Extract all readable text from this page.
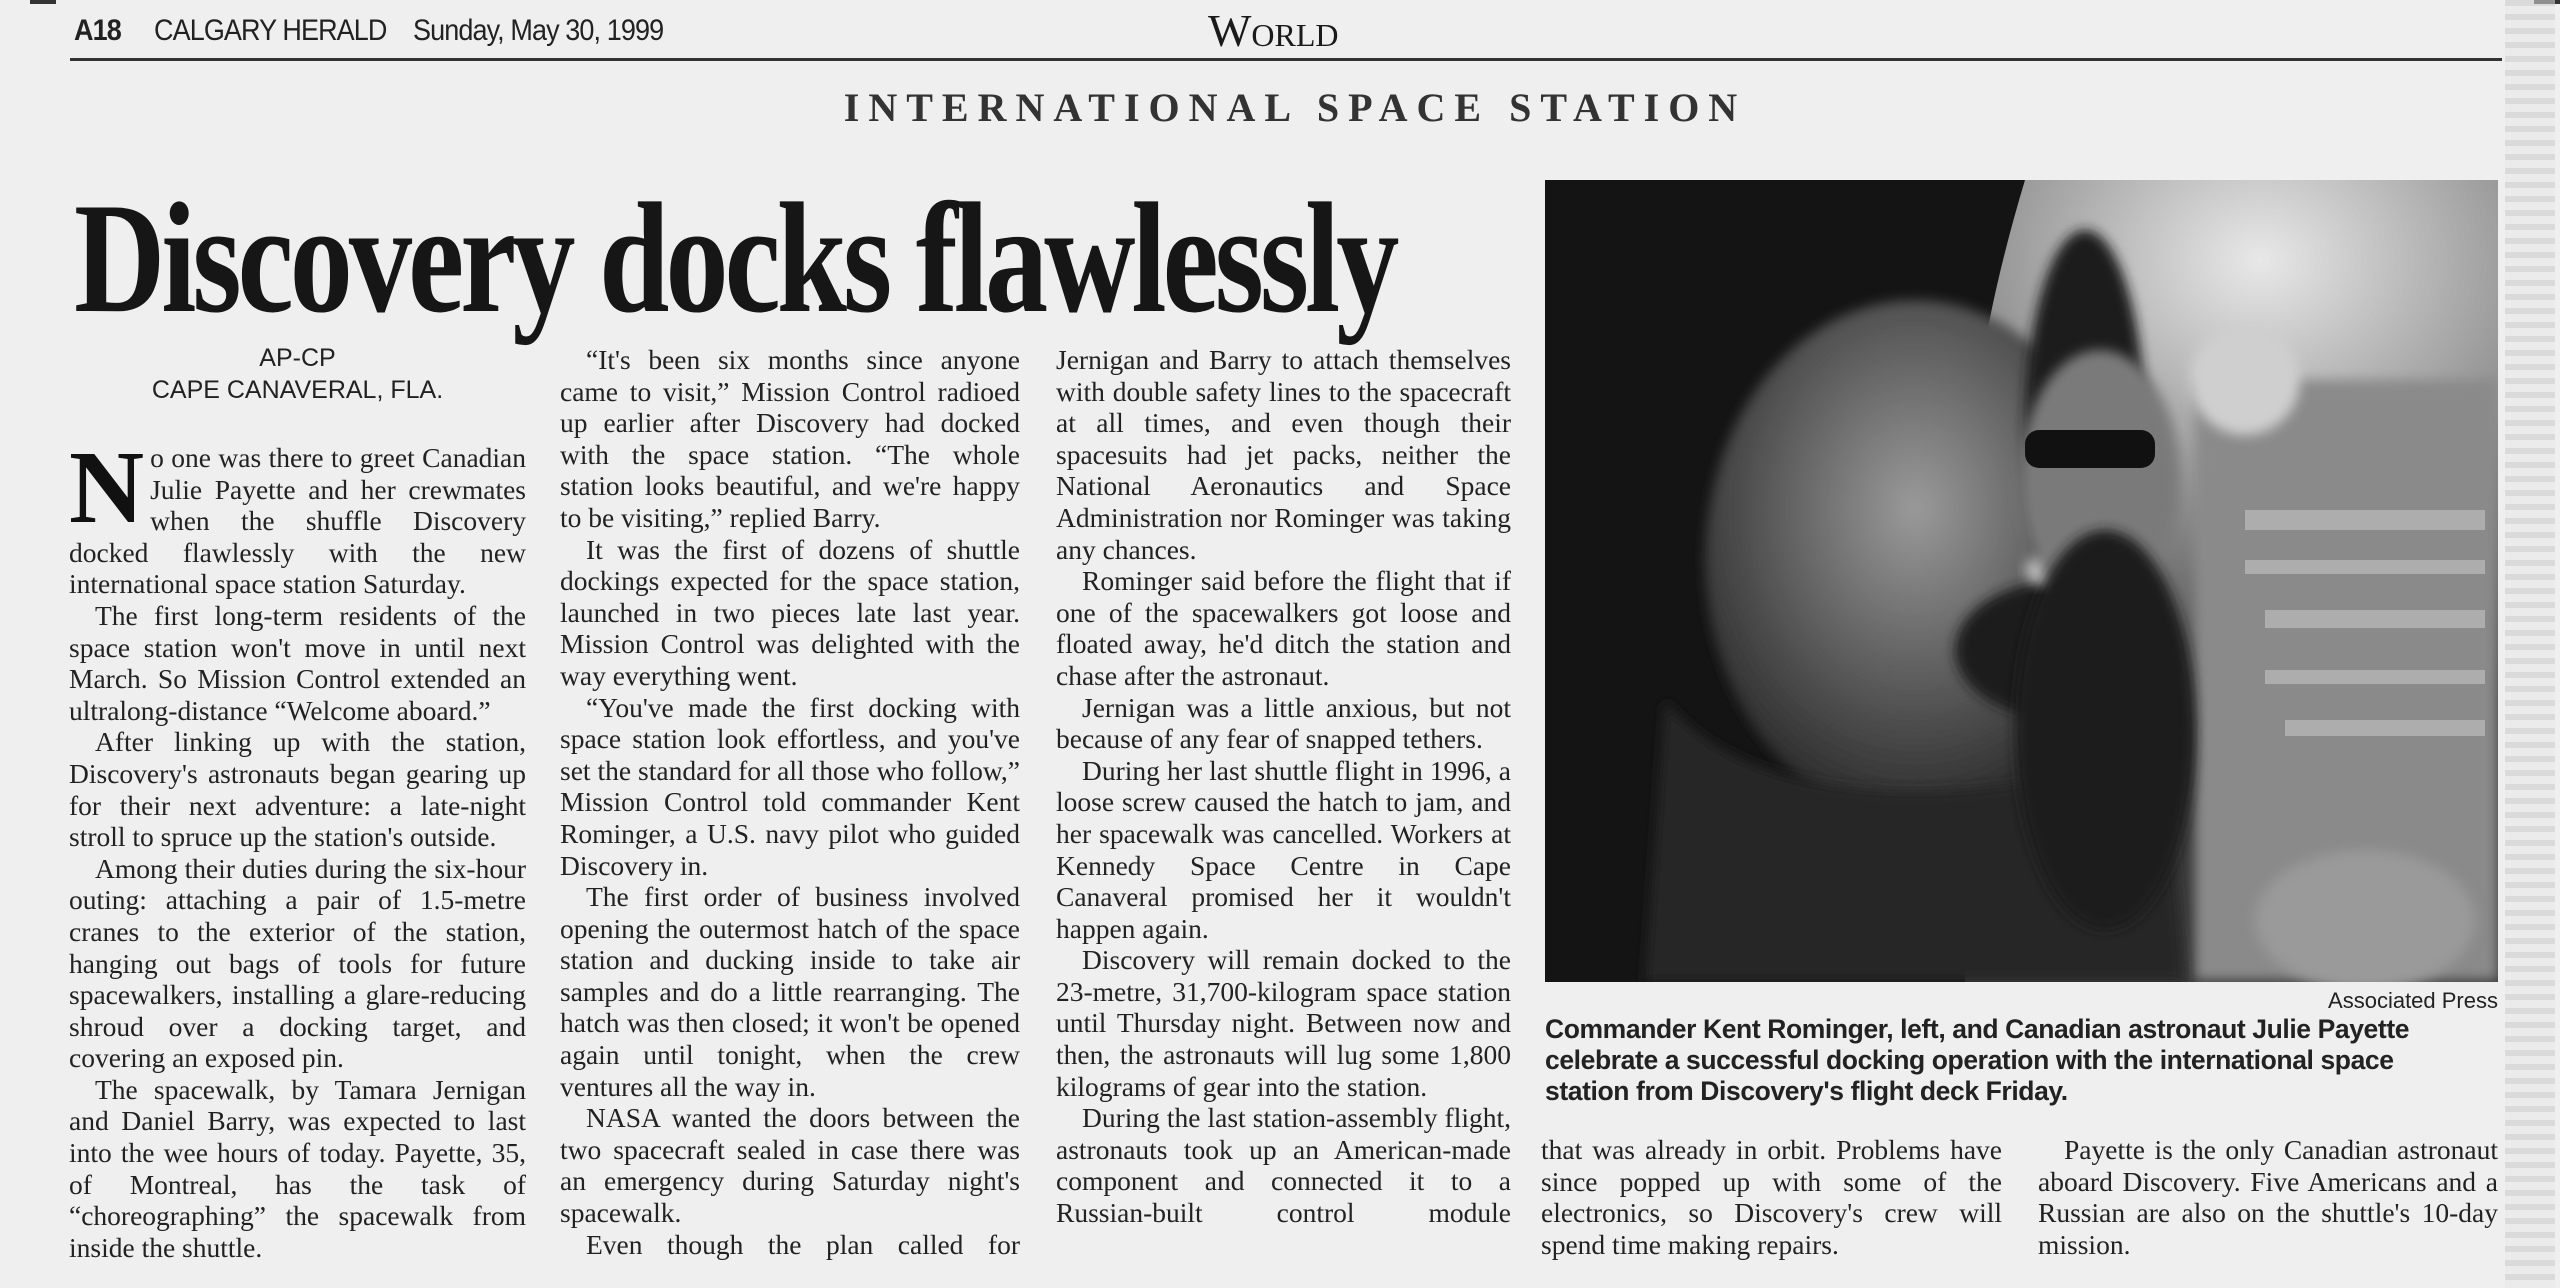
A18 CALGARY HERALD Sunday, May 30, 1999	World
INTERNATIONAL SPACE STATION
Discovery docks flawlessly
AP-CP
CAPE CANAVERAL, FLA.

No one was there to greet Canadian Julie Payette and her crewmates when the shuffle Discovery docked flawlessly with the new international space station Saturday.

The first long-term residents of the space station won't move in until next March. So Mission Control extended an ultralong-distance “Welcome aboard.”

After linking up with the station, Discovery's astronauts began gearing up for their next adventure: a late-night stroll to spruce up the station's outside.

Among their duties during the six-hour outing: attaching a pair of 1.5-metre cranes to the exterior of the station, hanging out bags of tools for future spacewalkers, installing a glare-reducing shroud over a docking target, and covering an exposed pin.

The spacewalk, by Tamara Jernigan and Daniel Barry, was expected to last into the wee hours of today. Payette, 35, of Montreal, has the task of “choreographing” the spacewalk from inside the shuttle.

“It's been six months since anyone came to visit,” Mission Control radioed up earlier after Discovery had docked with the space station. “The whole station looks beautiful, and we're happy to be visiting,” replied Barry.

It was the first of dozens of shuttle dockings expected for the space station, launched in two pieces late last year. Mission Control was delighted with the way everything went.

“You've made the first docking with space station look effortless, and you've set the standard for all those who follow,” Mission Control told commander Kent Rominger, a U.S. navy pilot who guided Discovery in.

The first order of business involved opening the outermost hatch of the space station and ducking inside to take air samples and do a little rearranging. The hatch was then closed; it won't be opened again until tonight, when the crew ventures all the way in.

NASA wanted the doors between the two spacecraft sealed in case there was an emergency during Saturday night's spacewalk.

Even though the plan called for

Jernigan and Barry to attach themselves with double safety lines to the spacecraft at all times, and even though their spacesuits had jet packs, neither the National Aeronautics and Space Administration nor Rominger was taking any chances.

Rominger said before the flight that if one of the spacewalkers got loose and floated away, he'd ditch the station and chase after the astronaut.

Jernigan was a little anxious, but not because of any fear of snapped tethers.

During her last shuttle flight in 1996, a loose screw caused the hatch to jam, and her spacewalk was cancelled. Workers at Kennedy Space Centre in Cape Canaveral promised her it wouldn't happen again.

Discovery will remain docked to the 23-metre, 31,700-kilogram space station until Thursday night. Between now and then, the astronauts will lug some 1,800 kilograms of gear into the station.

During the last station-assembly flight, astronauts took up an American-made component and connected it to a Russian-built control module

Associated Press
Commander Kent Rominger, left, and Canadian astronaut Julie Payette celebrate a successful docking operation with the international space station from Discovery's flight deck Friday.

that was already in orbit. Problems have since popped up with some of the electronics, so Discovery's crew will spend time making repairs.

Payette is the only Canadian astronaut aboard Discovery. Five Americans and a Russian are also on the shuttle's 10-day mission.
